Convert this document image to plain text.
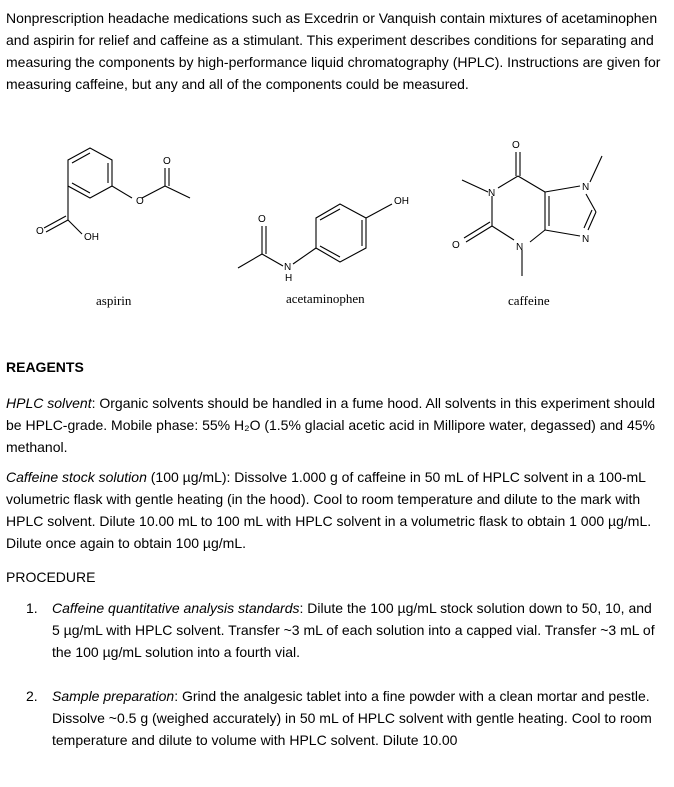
Nonprescription headache medications such as Excedrin or Vanquish contain mixtures of acetaminophen and aspirin for relief and caffeine as a stimulant. This experiment describes conditions for separating and measuring the components by high-performance liquid chromatography (HPLC). Instructions are given for measuring caffeine, but any and all of the components could be measured.

O
O
O
OH
O
N
H
OH
O
O
N
N
N
N
aspirin	acetaminophen	caffeine
REAGENTS

HPLC solvent: Organic solvents should be handled in a fume hood. All solvents in this experiment should be HPLC-grade. Mobile phase: 55% H₂O (1.5% glacial acetic acid in Millipore water, degassed) and 45% methanol.

Caffeine stock solution (100 µg/mL): Dissolve 1.000 g of caffeine in 50 mL of HPLC solvent in a 100-mL volumetric flask with gentle heating (in the hood). Cool to room temperature and dilute to the mark with HPLC solvent. Dilute 10.00 mL to 100 mL with HPLC solvent in a volumetric flask to obtain 1 000 µg/mL. Dilute once again to obtain 100 µg/mL.

PROCEDURE
1.	Caffeine quantitative analysis standards: Dilute the 100 µg/mL stock solution down to 50, 10, and 5 µg/mL with HPLC solvent. Transfer ~3 mL of each solution into a capped vial. Transfer ~3 mL of the 100 µg/mL solution into a fourth vial.
2.	Sample preparation: Grind the analgesic tablet into a fine powder with a clean mortar and pestle. Dissolve ~0.5 g (weighed accurately) in 50 mL of HPLC solvent with gentle heating. Cool to room temperature and dilute to volume with HPLC solvent. Dilute 10.00
